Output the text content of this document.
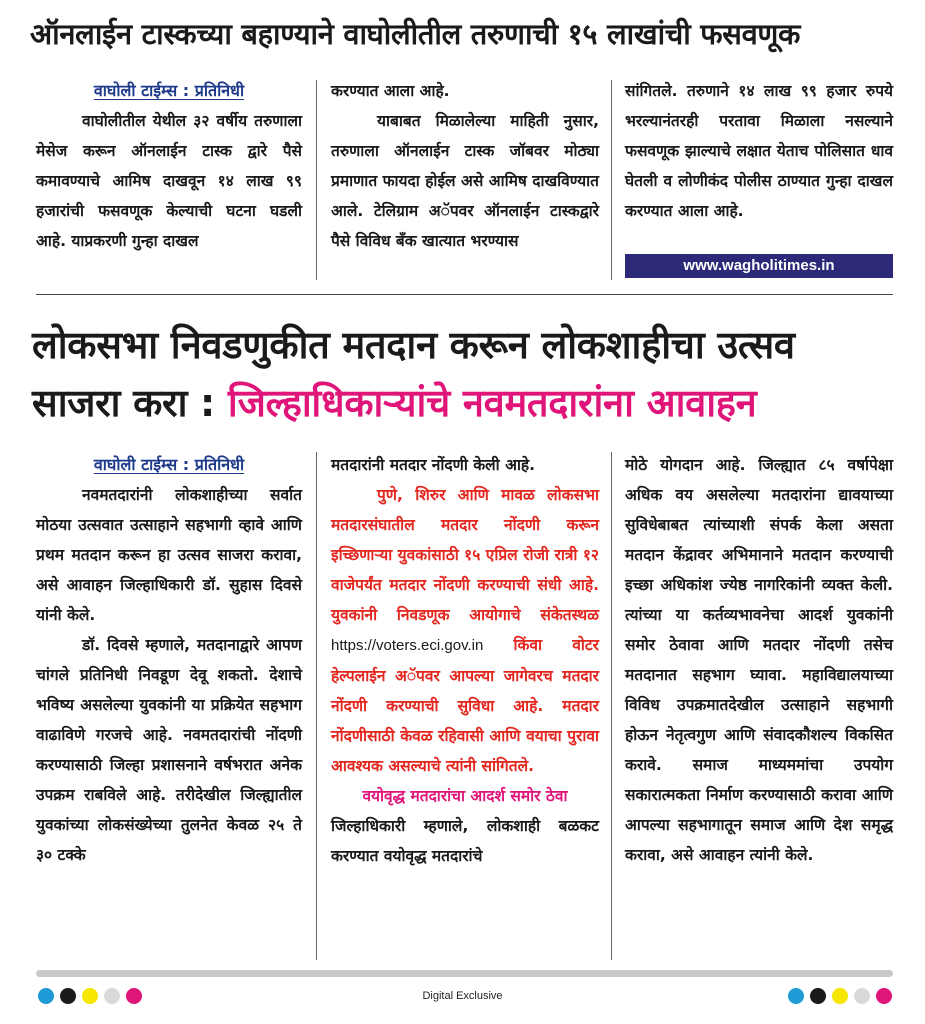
ऑनलाईन टास्कच्या बहाण्याने वाघोलीतील तरुणाची १५ लाखांची फसवणूक
वाघोली टाईम्स : प्रतिनिधी

वाघोलीतील येथील ३२ वर्षीय तरुणाला मेसेज करून ऑनलाईन टास्क द्वारे पैसे कमावण्याचे आमिष दाखवून १४ लाख ९९ हजारांची फसवणूक केल्याची घटना घडली आहे. याप्रकरणी गुन्हा दाखल

करण्यात आला आहे.

याबाबत मिळालेल्या माहिती नुसार, तरुणाला ऑनलाईन टास्क जॉबवर मोठ्या प्रमाणात फायदा होईल असे आमिष दाखविण्यात आले. टेलिग्राम अॅपवर ऑनलाईन टास्कद्वारे पैसे विविध बँक खात्यात भरण्यास

सांगितले. तरुणाने १४ लाख ९९ हजार रुपये भरल्यानंतरही परतावा मिळाला नसल्याने फसवणूक झाल्याचे लक्षात येताच पोलिसात धाव घेतली व लोणीकंद पोलीस ठाण्यात गुन्हा दाखल करण्यात आला आहे.

www.wagholitimes.in
लोकसभा निवडणुकीत मतदान करून लोकशाहीचा उत्सव
साजरा करा : जिल्हाधिकाऱ्यांचे नवमतदारांना आवाहन
वाघोली टाईम्स : प्रतिनिधी

नवमतदारांनी लोकशाहीच्या सर्वात मोठया उत्सवात उत्साहाने सहभागी व्हावे आणि प्रथम मतदान करून हा उत्सव साजरा करावा, असे आवाहन जिल्हाधिकारी डॉ. सुहास दिवसे यांनी केले.

डॉ. दिवसे म्हणाले, मतदानाद्वारे आपण चांगले प्रतिनिधी निवडूण देवू शकतो. देशाचे भविष्य असलेल्या युवकांनी या प्रक्रियेत सहभाग वाढाविणे गरजचे आहे. नवमतदारांची नोंदणी करण्यासाठी जिल्हा प्रशासनाने वर्षभरात अनेक उपक्रम राबविले आहे. तरीदेखील जिल्ह्यातील युवकांच्या लोकसंख्येच्या तुलनेत केवळ २५ ते ३० टक्के

मतदारांनी मतदार नोंदणी केली आहे.

पुणे, शिरुर आणि मावळ लोकसभा मतदारसंघातील मतदार नोंदणी करून इच्छिणाऱ्या युवकांसाठी १५ एप्रिल रोजी रात्री १२ वाजेपर्यंत मतदार नोंदणी करण्याची संधी आहे. युवकांनी निवडणूक आयोगाचे संकेतस्थळ https://voters.eci.gov.in किंवा वोटर हेल्पलाईन अॅपवर आपल्या जागेवरच मतदार नोंदणी करण्याची सुविधा आहे. मतदार नोंदणीसाठी केवळ रहिवासी आणि वयाचा पुरावा आवश्यक असल्याचे त्यांनी सांगितले.

वयोवृद्ध मतदारांचा आदर्श समोर ठेवा

जिल्हाधिकारी म्हणाले, लोकशाही बळकट करण्यात वयोवृद्ध मतदारांचे

मोठे योगदान आहे. जिल्ह्यात ८५ वर्षापेक्षा अधिक वय असलेल्या मतदारांना द्यावयाच्या सुविधेबाबत त्यांच्याशी संपर्क केला असता मतदान केंद्रावर अभिमानाने मतदान करण्याची इच्छा अधिकांश ज्येष्ठ नागरिकांनी व्यक्त केली. त्यांच्या या कर्तव्यभावनेचा आदर्श युवकांनी समोर ठेवावा आणि मतदार नोंदणी तसेच मतदानात सहभाग घ्यावा. महाविद्यालयाच्या विविध उपक्रमातदेखील उत्साहाने सहभागी होऊन नेतृत्वगुण आणि संवादकौशल्य विकसित करावे. समाज माध्यममांचा उपयोग सकारात्मकता निर्माण करण्यासाठी करावा आणि आपल्या सहभागातून समाज आणि देश समृद्ध करावा, असे आवाहन त्यांनी केले.

Digital Exclusive
